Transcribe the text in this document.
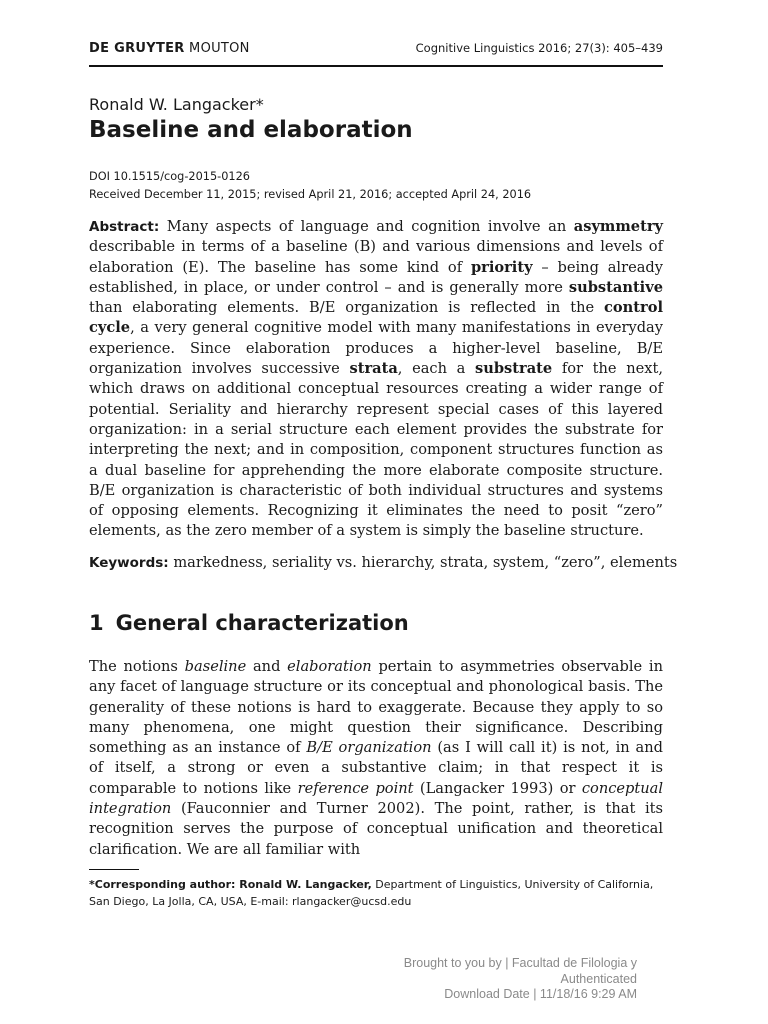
DE GRUYTER MOUTON	Cognitive Linguistics 2016; 27(3): 405–439
Ronald W. Langacker*
Baseline and elaboration
DOI 10.1515/cog-2015-0126
Received December 11, 2015; revised April 21, 2016; accepted April 24, 2016

Abstract: Many aspects of language and cognition involve an asymmetry describable in terms of a baseline (B) and various dimensions and levels of elaboration (E). The baseline has some kind of priority – being already established, in place, or under control – and is generally more substantive than elaborating elements. B/E organization is reflected in the control cycle, a very general cognitive model with many manifestations in everyday experience. Since elaboration produces a higher-level baseline, B/E organization involves successive strata, each a substrate for the next, which draws on additional conceptual resources creating a wider range of potential. Seriality and hierarchy represent special cases of this layered organization: in a serial structure each element provides the substrate for interpreting the next; and in composition, component structures function as a dual baseline for apprehending the more elaborate composite structure. B/E organization is characteristic of both individual structures and systems of opposing elements. Recognizing it eliminates the need to posit “zero” elements, as the zero member of a system is simply the baseline structure.

Keywords: markedness, seriality vs. hierarchy, strata, system, “zero”, elements

1 General characterization

The notions baseline and elaboration pertain to asymmetries observable in any facet of language structure or its conceptual and phonological basis. The generality of these notions is hard to exaggerate. Because they apply to so many phenomena, one might question their significance. Describing something as an instance of B/E organization (as I will call it) is not, in and of itself, a strong or even a substantive claim; in that respect it is comparable to notions like reference point (Langacker 1993) or conceptual integration (Fauconnier and Turner 2002). The point, rather, is that its recognition serves the purpose of conceptual unification and theoretical clarification. We are all familiar with

*Corresponding author: Ronald W. Langacker, Department of Linguistics, University of California, San Diego, La Jolla, CA, USA, E-mail: rlangacker@ucsd.edu

Brought to you by | Facultad de Filologia y
Authenticated
Download Date | 11/18/16 9:29 AM
